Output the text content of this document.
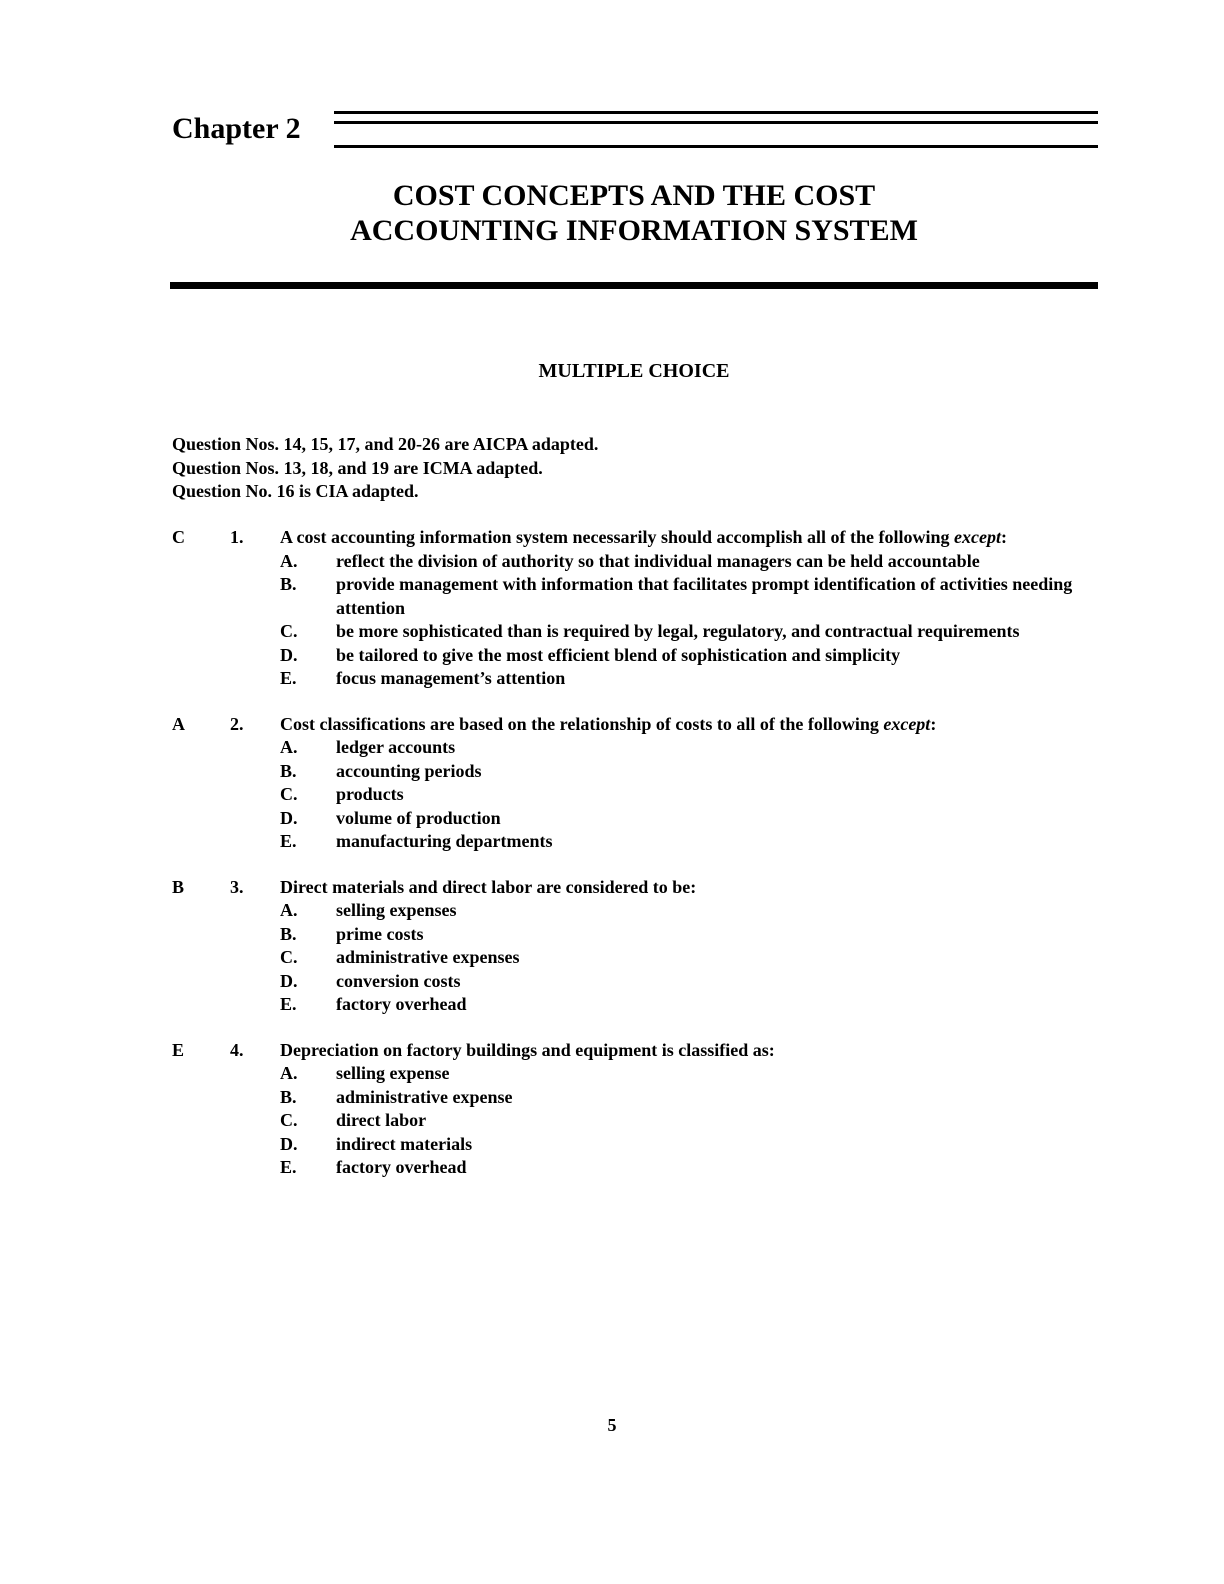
Chapter 2
COST CONCEPTS AND THE COST
ACCOUNTING INFORMATION SYSTEM
MULTIPLE CHOICE
Question Nos. 14, 15, 17, and 20-26 are AICPA adapted.
Question Nos. 13, 18, and 19 are ICMA adapted.
Question No. 16 is CIA adapted.
C	1. A cost accounting information system necessarily should accomplish all of the following except:
A. reflect the division of authority so that individual managers can be held accountable
B. provide management with information that facilitates prompt identification of activities needing attention
C. be more sophisticated than is required by legal, regulatory, and contractual requirements
D. be tailored to give the most efficient blend of sophistication and simplicity
E. focus management’s attention
A	2. Cost classifications are based on the relationship of costs to all of the following except:
A. ledger accounts
B. accounting periods
C. products
D. volume of production
E. manufacturing departments
B	3. Direct materials and direct labor are considered to be:
A. selling expenses
B. prime costs
C. administrative expenses
D. conversion costs
E. factory overhead
E	4. Depreciation on factory buildings and equipment is classified as:
A. selling expense
B. administrative expense
C. direct labor
D. indirect materials
E. factory overhead
5
